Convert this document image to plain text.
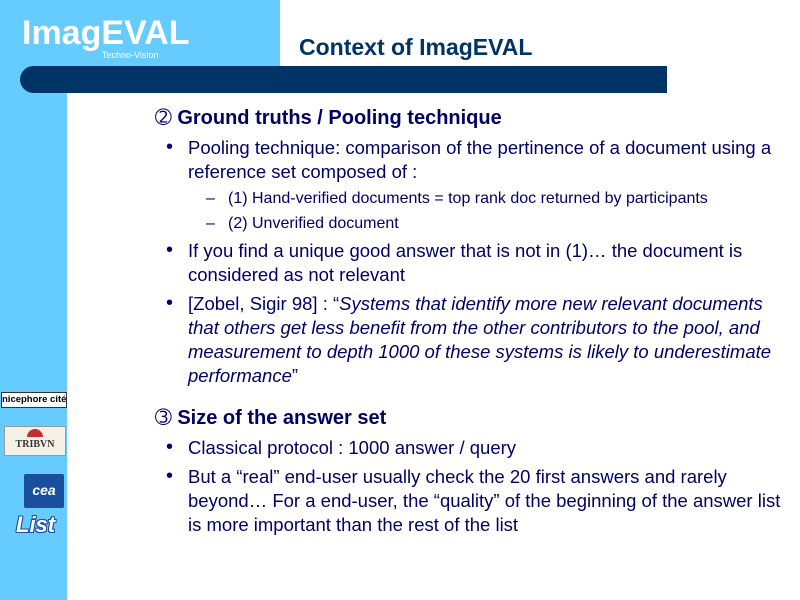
ImagEVAL
Techno-Vision	Context of ImagEVAL
➁ Ground truths / Pooling technique
• Pooling technique: comparison of the pertinence of a document using a reference set composed of :
– (1) Hand-verified documents = top rank doc returned by participants
– (2) Unverified document
• If you find a unique good answer that is not in (1)… the document is considered as not relevant
• [Zobel, Sigir 98] : “Systems that identify more new relevant documents that others get less benefit from the other contributors to the pool, and measurement to depth 1000 of these systems is likely to underestimate performance”
➂ Size of the answer set
• Classical protocol : 1000 answer / query
• But a “real” end-user usually check the 20 first answers and rarely beyond… For a end-user, the “quality” of the beginning of the answer list is more important than the rest of the list
nicephore cité
TRIBVN
cea
List
